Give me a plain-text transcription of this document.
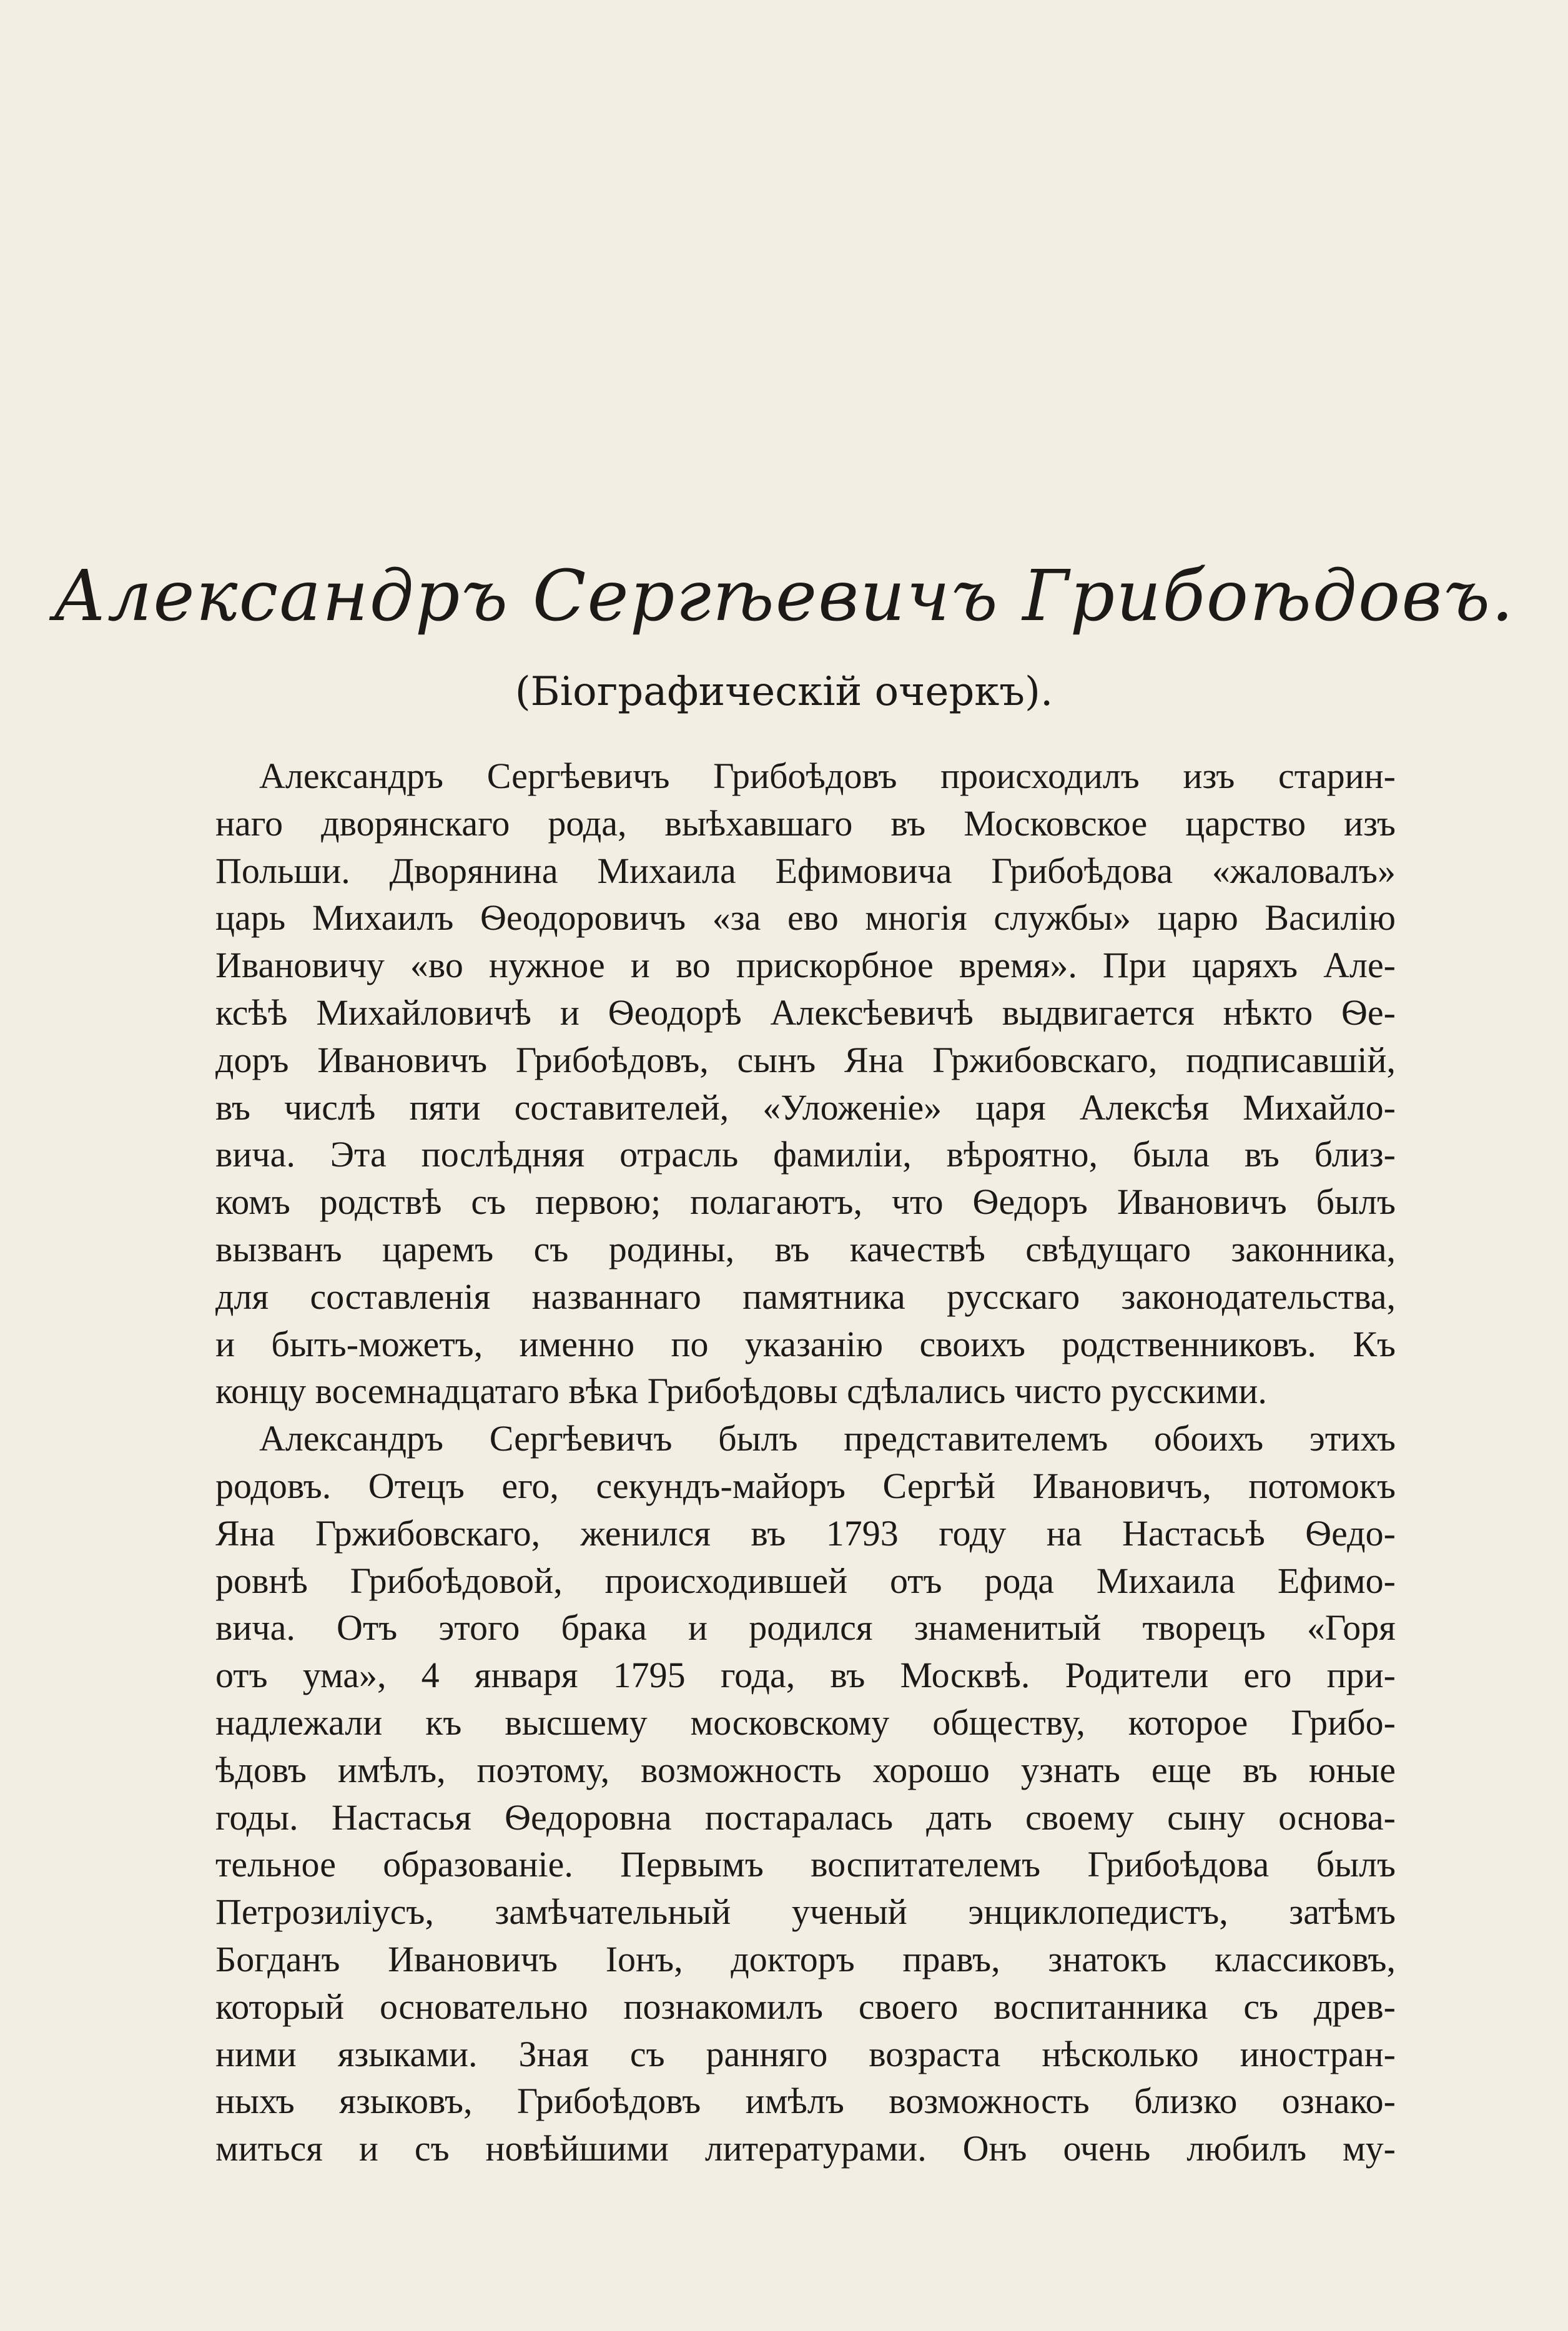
Александръ Сергѣевичъ Грибоѣдовъ.

(Біографическій очеркъ).

Александръ Сергѣевичъ Грибоѣдовъ происходилъ изъ старин-
наго дворянскаго рода, выѣхавшаго въ Московское царство изъ
Польши. Дворянина Михаила Ефимовича Грибоѣдова «жаловалъ»
царь Михаилъ Ѳеодоровичъ «за ево многія службы» царю Василію
Ивановичу «во нужное и во прискорбное время». При царяхъ Але-
ксѣѣ Михайловичѣ и Ѳеодорѣ Алексѣевичѣ выдвигается нѣкто Ѳе-
доръ Ивановичъ Грибоѣдовъ, сынъ Яна Гржибовскаго, подписавшій,
въ числѣ пяти составителей, «Уложеніе» царя Алексѣя Михайло-
вича. Эта послѣдняя отрасль фамиліи, вѣроятно, была въ близ-
комъ родствѣ съ первою; полагаютъ, что Ѳедоръ Ивановичъ былъ
вызванъ царемъ съ родины, въ качествѣ свѣдущаго законника,
для составленія названнаго памятника русскаго законодательства,
и быть-можетъ, именно по указанію своихъ родственниковъ. Къ
концу восемнадцатаго вѣка Грибоѣдовы сдѣлались чисто русскими.
Александръ Сергѣевичъ былъ представителемъ обоихъ этихъ
родовъ. Отецъ его, секундъ-майоръ Сергѣй Ивановичъ, потомокъ
Яна Гржибовскаго, женился въ 1793 году на Настасьѣ Ѳедо-
ровнѣ Грибоѣдовой, происходившей отъ рода Михаила Ефимо-
вича. Отъ этого брака и родился знаменитый творецъ «Горя
отъ ума», 4 января 1795 года, въ Москвѣ. Родители его при-
надлежали къ высшему московскому обществу, которое Грибо-
ѣдовъ имѣлъ, поэтому, возможность хорошо узнать еще въ юные
годы. Настасья Ѳедоровна постаралась дать своему сыну основа-
тельное образованіе. Первымъ воспитателемъ Грибоѣдова былъ
Петрозиліусъ, замѣчательный ученый энциклопедистъ, затѣмъ
Богданъ Ивановичъ Іонъ, докторъ правъ, знатокъ классиковъ,
который основательно познакомилъ своего воспитанника съ древ-
ними языками. Зная съ ранняго возраста нѣсколько иностран-
ныхъ языковъ, Грибоѣдовъ имѣлъ возможность близко ознако-
миться и съ новѣйшими литературами. Онъ очень любилъ му-
